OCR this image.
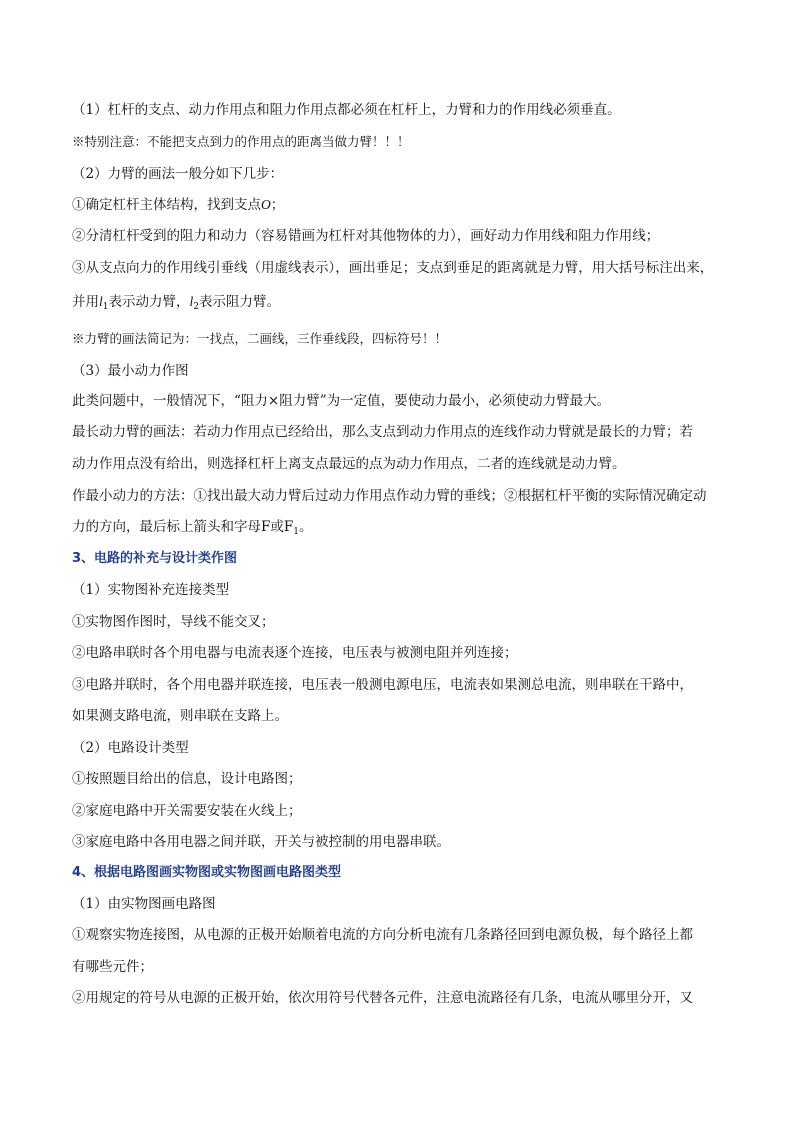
（1）杠杆的支点、动力作用点和阻力作用点都必须在杠杆上，力臂和力的作用线必须垂直。
※特别注意：不能把支点到力的作用点的距离当做力臂！！！
（2）力臂的画法一般分如下几步：
①确定杠杆主体结构，找到支点O；
②分清杠杆受到的阻力和动力（容易错画为杠杆对其他物体的力），画好动力作用线和阻力作用线；
③从支点向力的作用线引垂线（用虚线表示），画出垂足；支点到垂足的距离就是力臂，用大括号标注出来，
并用$l_1$表示动力臂，$l_2$表示阻力臂。
※力臂的画法简记为：一找点，二画线，三作垂线段，四标符号！！
（3）最小动力作图
此类问题中，一般情况下，“阻力×阻力臂”为一定值，要使动力最小，必须使动力臂最大。
最长动力臂的画法：若动力作用点已经给出，那么支点到动力作用点的连线作动力臂就是最长的力臂；若
动力作用点没有给出，则选择杠杆上离支点最远的点为动力作用点，二者的连线就是动力臂。
作最小动力的方法：①找出最大动力臂后过动力作用点作动力臂的垂线；②根据杠杆平衡的实际情况确定动
力的方向，最后标上箭头和字母F或$F_1$。
3、电路的补充与设计类作图
（1）实物图补充连接类型
①实物图作图时，导线不能交叉；
②电路串联时各个用电器与电流表逐个连接，电压表与被测电阻并列连接；
③电路并联时，各个用电器并联连接，电压表一般测电源电压，电流表如果测总电流，则串联在干路中，
如果测支路电流，则串联在支路上。
（2）电路设计类型
①按照题目给出的信息，设计电路图；
②家庭电路中开关需要安装在火线上；
③家庭电路中各用电器之间并联，开关与被控制的用电器串联。
4、根据电路图画实物图或实物图画电路图类型
（1）由实物图画电路图
①观察实物连接图，从电源的正极开始顺着电流的方向分析电流有几条路径回到电源负极，每个路径上都
有哪些元件；
②用规定的符号从电源的正极开始，依次用符号代替各元件，注意电流路径有几条，电流从哪里分开，又
